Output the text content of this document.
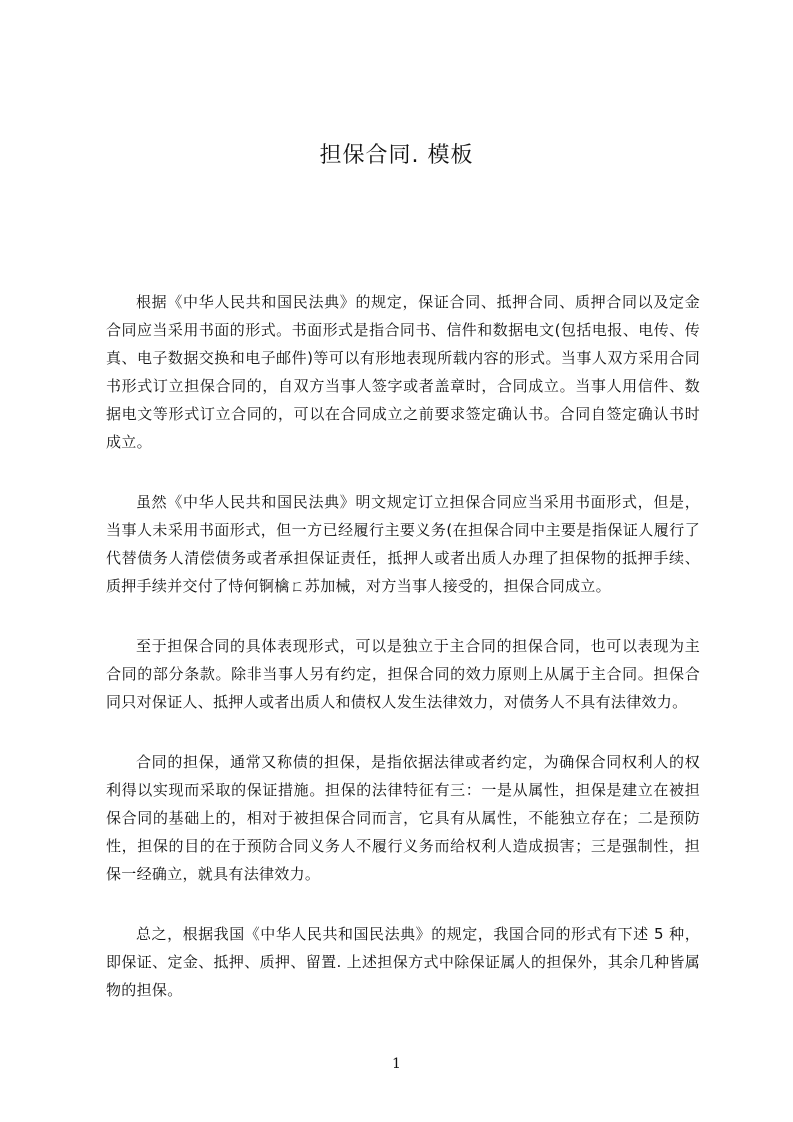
担保合同. 模板

根据《中华人民共和国民法典》的规定，保证合同、抵押合同、质押合同以及定金合同应当采用书面的形式。书面形式是指合同书、信件和数据电文(包括电报、电传、传真、电子数据交换和电子邮件)等可以有形地表现所载内容的形式。当事人双方采用合同书形式订立担保合同的，自双方当事人签字或者盖章时，合同成立。当事人用信件、数据电文等形式订立合同的，可以在合同成立之前要求签定确认书。合同自签定确认书时成立。

虽然《中华人民共和国民法典》明文规定订立担保合同应当采用书面形式，但是，当事人未采用书面形式，但一方已经履行主要义务(在担保合同中主要是指保证人履行了代替债务人清偿债务或者承担保证责任，抵押人或者出质人办理了担保物的抵押手续、质押手续并交付了恃何锕檎ㄈ苏加械，对方当事人接受的，担保合同成立。

至于担保合同的具体表现形式，可以是独立于主合同的担保合同，也可以表现为主合同的部分条款。除非当事人另有约定，担保合同的效力原则上从属于主合同。担保合同只对保证人、抵押人或者出质人和债权人发生法律效力，对债务人不具有法律效力。

合同的担保，通常又称债的担保，是指依据法律或者约定，为确保合同权利人的权利得以实现而采取的保证措施。担保的法律特征有三：一是从属性，担保是建立在被担保合同的基础上的，相对于被担保合同而言，它具有从属性，不能独立存在；二是预防性，担保的目的在于预防合同义务人不履行义务而给权利人造成损害；三是强制性，担保一经确立，就具有法律效力。

总之，根据我国《中华人民共和国民法典》的规定，我国合同的形式有下述 5 种，即保证、定金、抵押、质押、留置. 上述担保方式中除保证属人的担保外，其余几种皆属物的担保。

1
